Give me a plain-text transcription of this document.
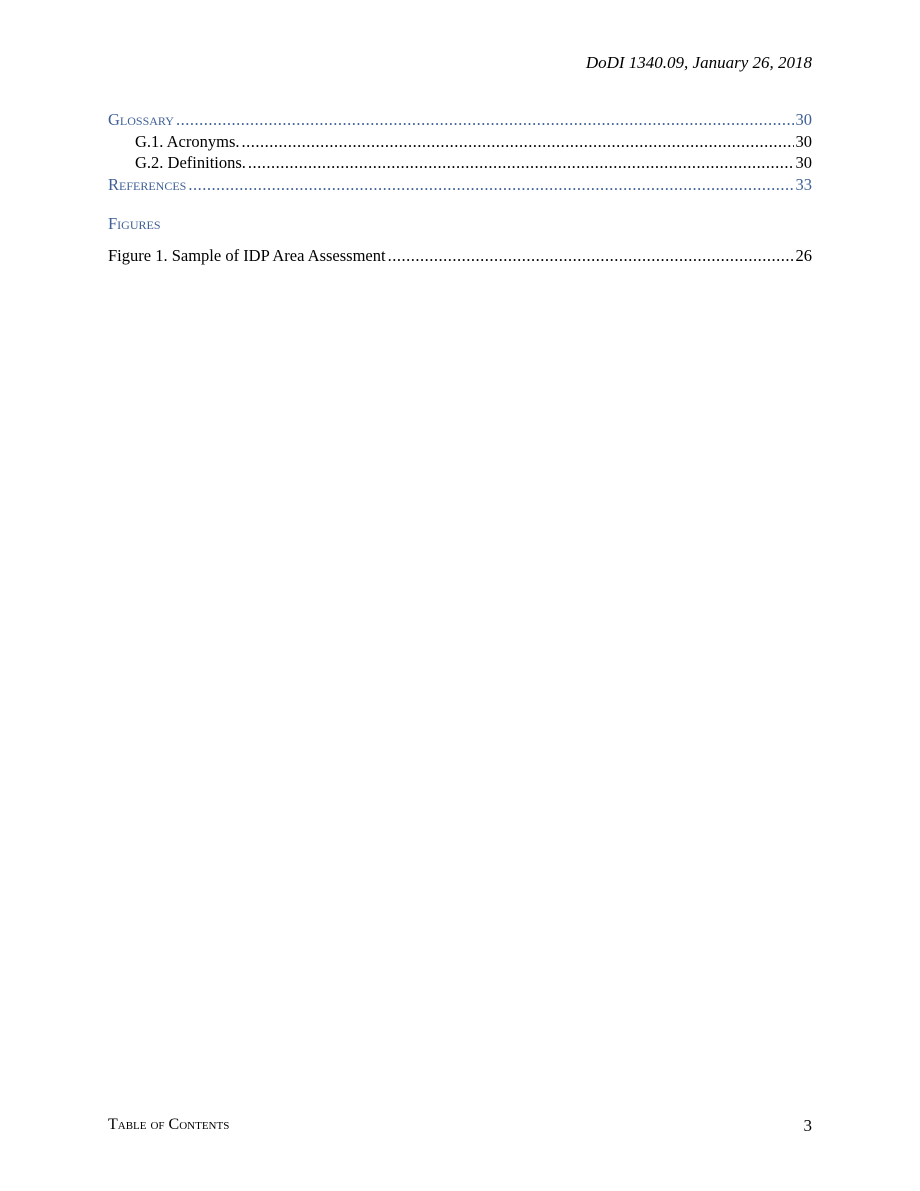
DoDI 1340.09, January 26, 2018
Glossary .....	30
G.1. Acronyms. .....	30
G.2. Definitions. .....	30
References .....	33
Figures
Figure 1. Sample of IDP Area Assessment .....	26
Table of Contents	3
